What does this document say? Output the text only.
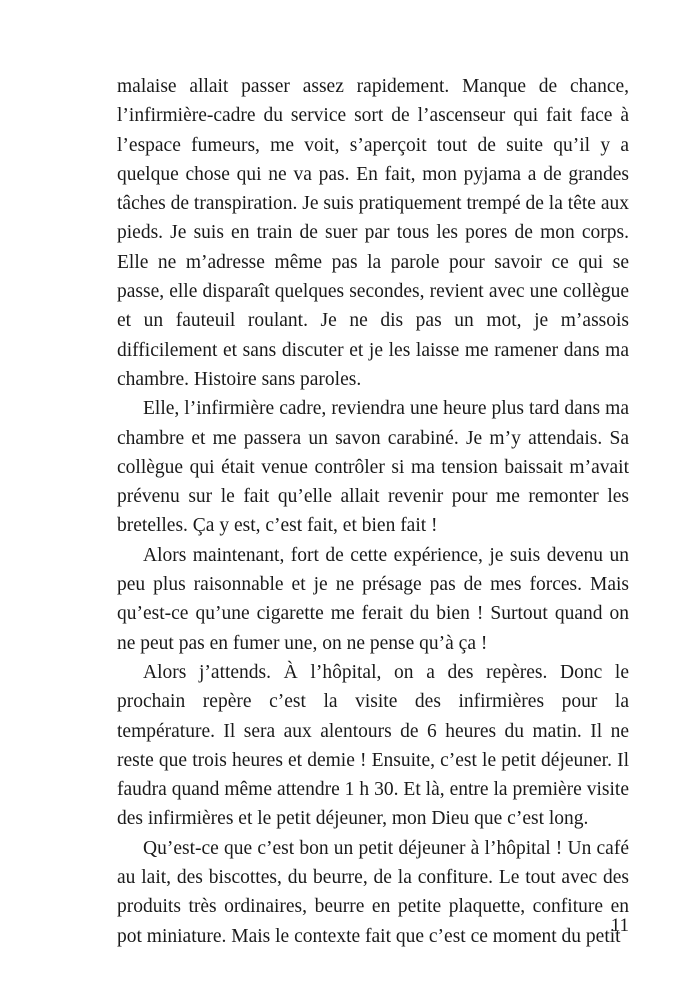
malaise allait passer assez rapidement. Manque de chance, l’infirmière-cadre du service sort de l’ascenseur qui fait face à l’espace fumeurs, me voit, s’aperçoit tout de suite qu’il y a quelque chose qui ne va pas. En fait, mon pyjama a de grandes tâches de transpiration. Je suis pratiquement trempé de la tête aux pieds. Je suis en train de suer par tous les pores de mon corps. Elle ne m’adresse même pas la parole pour savoir ce qui se passe, elle disparaît quelques secondes, revient avec une collègue et un fauteuil roulant. Je ne dis pas un mot, je m’assois difficilement et sans discuter et je les laisse me ramener dans ma chambre. Histoire sans paroles.

Elle, l’infirmière cadre, reviendra une heure plus tard dans ma chambre et me passera un savon carabiné. Je m’y attendais. Sa collègue qui était venue contrôler si ma tension baissait m’avait prévenu sur le fait qu’elle allait revenir pour me remonter les bretelles. Ça y est, c’est fait, et bien fait !

Alors maintenant, fort de cette expérience, je suis devenu un peu plus raisonnable et je ne présage pas de mes forces. Mais qu’est-ce qu’une cigarette me ferait du bien ! Surtout quand on ne peut pas en fumer une, on ne pense qu’à ça !

Alors j’attends. À l’hôpital, on a des repères. Donc le prochain repère c’est la visite des infirmières pour la température. Il sera aux alentours de 6 heures du matin. Il ne reste que trois heures et demie ! Ensuite, c’est le petit déjeuner. Il faudra quand même attendre 1 h 30. Et là, entre la première visite des infirmières et le petit déjeuner, mon Dieu que c’est long.

Qu’est-ce que c’est bon un petit déjeuner à l’hôpital ! Un café au lait, des biscottes, du beurre, de la confiture. Le tout avec des produits très ordinaires, beurre en petite plaquette, confiture en pot miniature. Mais le contexte fait que c’est ce moment du petit

11
